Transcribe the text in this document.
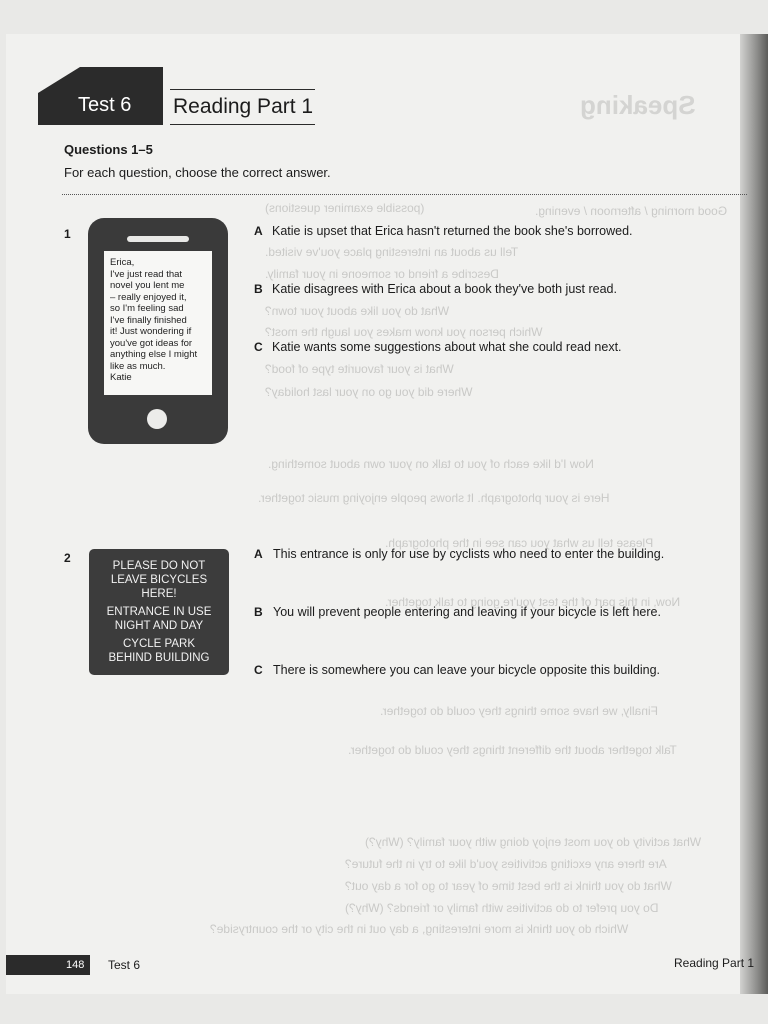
Speaking
(possible examiner questions)	Good morning / afternoon / evening.
Tell us about an interesting place you've visited.
Describe a friend or someone in your family.
What do you like about your town?
Which person you know makes you laugh the most?
What is your favourite type of food?
Where did you go on your last holiday?
Now I'd like each of you to talk on your own about something.
Here is your photograph. It shows people enjoying music together.
Please tell us what you can see in the photograph.
Now, in this part of the test you're going to talk together.
Finally, we have some things they could do together.
Talk together about the different things they could do together.
What activity do you most enjoy doing with your family? (Why?)
Are there any exciting activities you'd like to try in the future?
What do you think is the best time of year to go for a day out?
Do you prefer to do activities with family or friends? (Why?)
Which do you think is more interesting, a day out in the city or the countryside?
Test 6 Reading Part 1
Questions 1–5
For each question, choose the correct answer.
1

Erica,

I've just read that

novel you lent me

– really enjoyed it,

so I'm feeling sad

I've finally finished

it! Just wondering if

you've got ideas for

anything else I might

like as much.

Katie

A Katie is upset that Erica hasn't returned the book she's borrowed.
B Katie disagrees with Erica about a book they've both just read.
C Katie wants some suggestions about what she could read next.
2
PLEASE DO NOT
LEAVE BICYCLES
HERE!
ENTRANCE IN USE
NIGHT AND DAY
CYCLE PARK
BEHIND BUILDING
A This entrance is only for use by cyclists who need to enter the building.
B You will prevent people entering and leaving if your bicycle is left here.
C There is somewhere you can leave your bicycle opposite this building.
148 Test 6	Reading Part 1
